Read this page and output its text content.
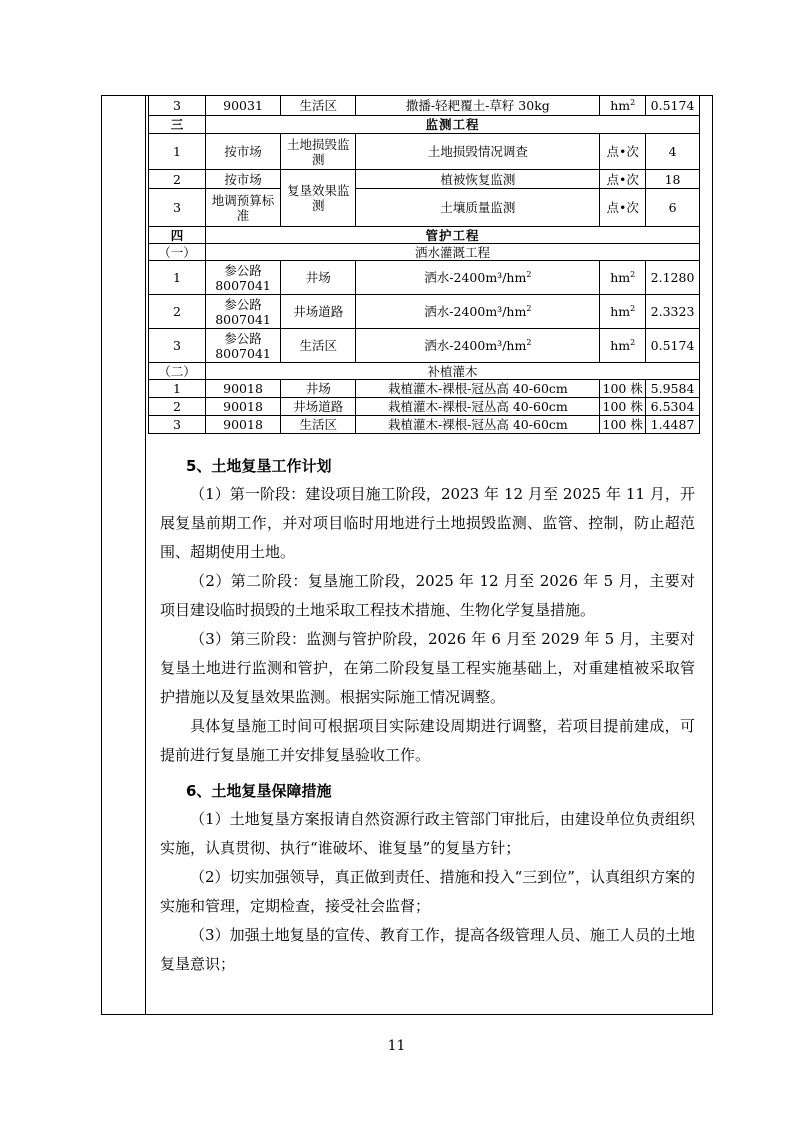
3	90031	生活区	撒播-轻耙覆土-草籽 30kg	$hm^2$	0.5174
三	监测工程				
1	按市场	土地损毁监测	土地损毁情况调查	点•次	4
2	按市场	复垦效果监测	植被恢复监测	点•次	18
3	地调预算标准		土壤质量监测	点•次	6
四	管护工程				
（一）	洒水灌溉工程				
1	参公路8007041	井场	洒水$-2400m^3/hm^2$	$hm^2$	2.1280
2	参公路8007041	井场道路	洒水$-2400m^3/hm^2$	$hm^2$	2.3323
3	参公路8007041	生活区	洒水$-2400m^3/hm^2$	$hm^2$	0.5174
（二）	补植灌木				
1	90018	井场	栽植灌木-裸根-冠丛高 40-60cm	100 株	5.9584
2	90018	井场道路	栽植灌木-裸根-冠丛高 40-60cm	100 株	6.5304
3	90018	生活区	栽植灌木-裸根-冠丛高 40-60cm	100 株	1.4487

5、土地复垦工作计划

（1）第一阶段：建设项目施工阶段，2023 年 12 月至 2025 年 11 月，开展复垦前期工作，并对项目临时用地进行土地损毁监测、监管、控制，防止超范围、超期使用土地。

（2）第二阶段：复垦施工阶段，2025 年 12 月至 2026 年 5 月，主要对项目建设临时损毁的土地采取工程技术措施、生物化学复垦措施。

（3）第三阶段：监测与管护阶段，2026 年 6 月至 2029 年 5 月，主要对复垦土地进行监测和管护，在第二阶段复垦工程实施基础上，对重建植被采取管护措施以及复垦效果监测。根据实际施工情况调整。

具体复垦施工时间可根据项目实际建设周期进行调整，若项目提前建成，可提前进行复垦施工并安排复垦验收工作。

6、土地复垦保障措施

（1）土地复垦方案报请自然资源行政主管部门审批后，由建设单位负责组织实施，认真贯彻、执行“谁破坏、谁复垦”的复垦方针；

（2）切实加强领导，真正做到责任、措施和投入“三到位”，认真组织方案的实施和管理，定期检查，接受社会监督；

（3）加强土地复垦的宣传、教育工作，提高各级管理人员、施工人员的土地复垦意识；

11
